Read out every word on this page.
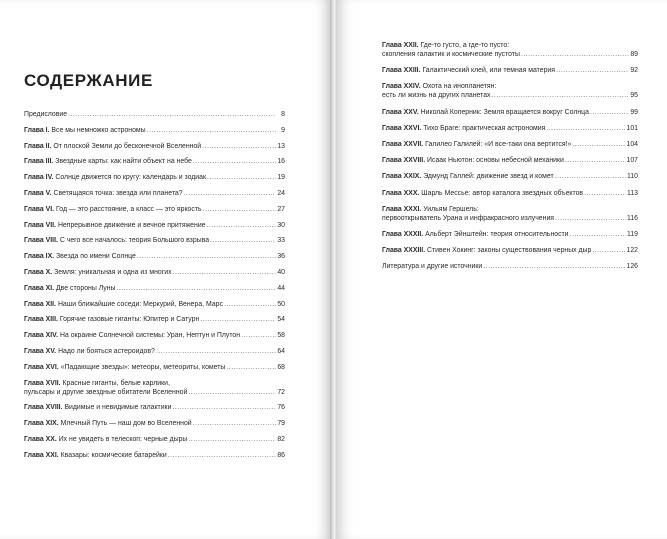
СОДЕРЖАНИЕ
Предисловие .....	8
Глава I. Все мы немножко астрономы .....	9
Глава II. От плоской Земли до бесконечной Вселенной .....	13
Глава III. Звездные карты: как найти объект на небе .....	16
Глава IV. Солнце движется по кругу: календарь и зодиак .....	19
Глава V. Светящаяся точка: звезда или планета? .....	24
Глава VI. Год — это расстояние, а класс — это яркость .....	27
Глава VII. Непрерывное движение и вечное притяжение .....	30
Глава VIII. С чего все началось: теория Большого взрыва .....	33
Глава IX. Звезда по имени Солнце .....	36
Глава X. Земля: уникальная и одна из многих .....	40
Глава XI. Две стороны Луны .....	44
Глава XII. Наши ближайшие соседи: Меркурий, Венера, Марс .....	50
Глава XIII. Горячие газовые гиганты: Юпитер и Сатурн .....	54
Глава XIV. На окраине Солнечной системы: Уран, Нептун и Плутон .....	58
Глава XV. Надо ли бояться астероидов? .....	64
Глава XVI. «Падающие звезды»: метеоры, метеориты, кометы .....	68
Глава XVII. Красные гиганты, белые карлики,
пульсары и другие звездные обитатели Вселенной .....	72
Глава XVIII. Видимые и невидимые галактики .....	76
Глава XIX. Млечный Путь — наш дом во Вселенной .....	79
Глава XX. Их не увидеть в телескоп: черные дыры .....	82
Глава XXI. Квазары: космические батарейки .....	86
Глава XXII. Где-то густо, а где-то пусто:
скопления галактик и космические пустоты .....	89
Глава XXIII. Галактический клей, или темная материя .....	92
Глава XXIV. Охота на инопланетян:
есть ли жизнь на других планетах .....	95
Глава XXV. Николай Коперник: Земля вращается вокруг Солнца .....	99
Глава XXVI. Тихо Браге: практическая астрономия .....	101
Глава XXVII. Галилео Галилей: «И все-таки она вертится!» .....	104
Глава XXVIII. Исаак Ньютон: основы небесной механики .....	107
Глава XXIX. Эдмунд Галлей: движение звезд и комет .....	110
Глава XXX. Шарль Мессье: автор каталога звездных объектов .....	113
Глава XXXI. Уильям Гершель:
первооткрыватель Урана и инфракрасного излучения .....	116
Глава XXXII. Альберт Эйнштейн: теория относительности .....	119
Глава XXXIII. Стивен Хокинг: законы существования черных дыр .....	122
Литература и другие источники .....	126
